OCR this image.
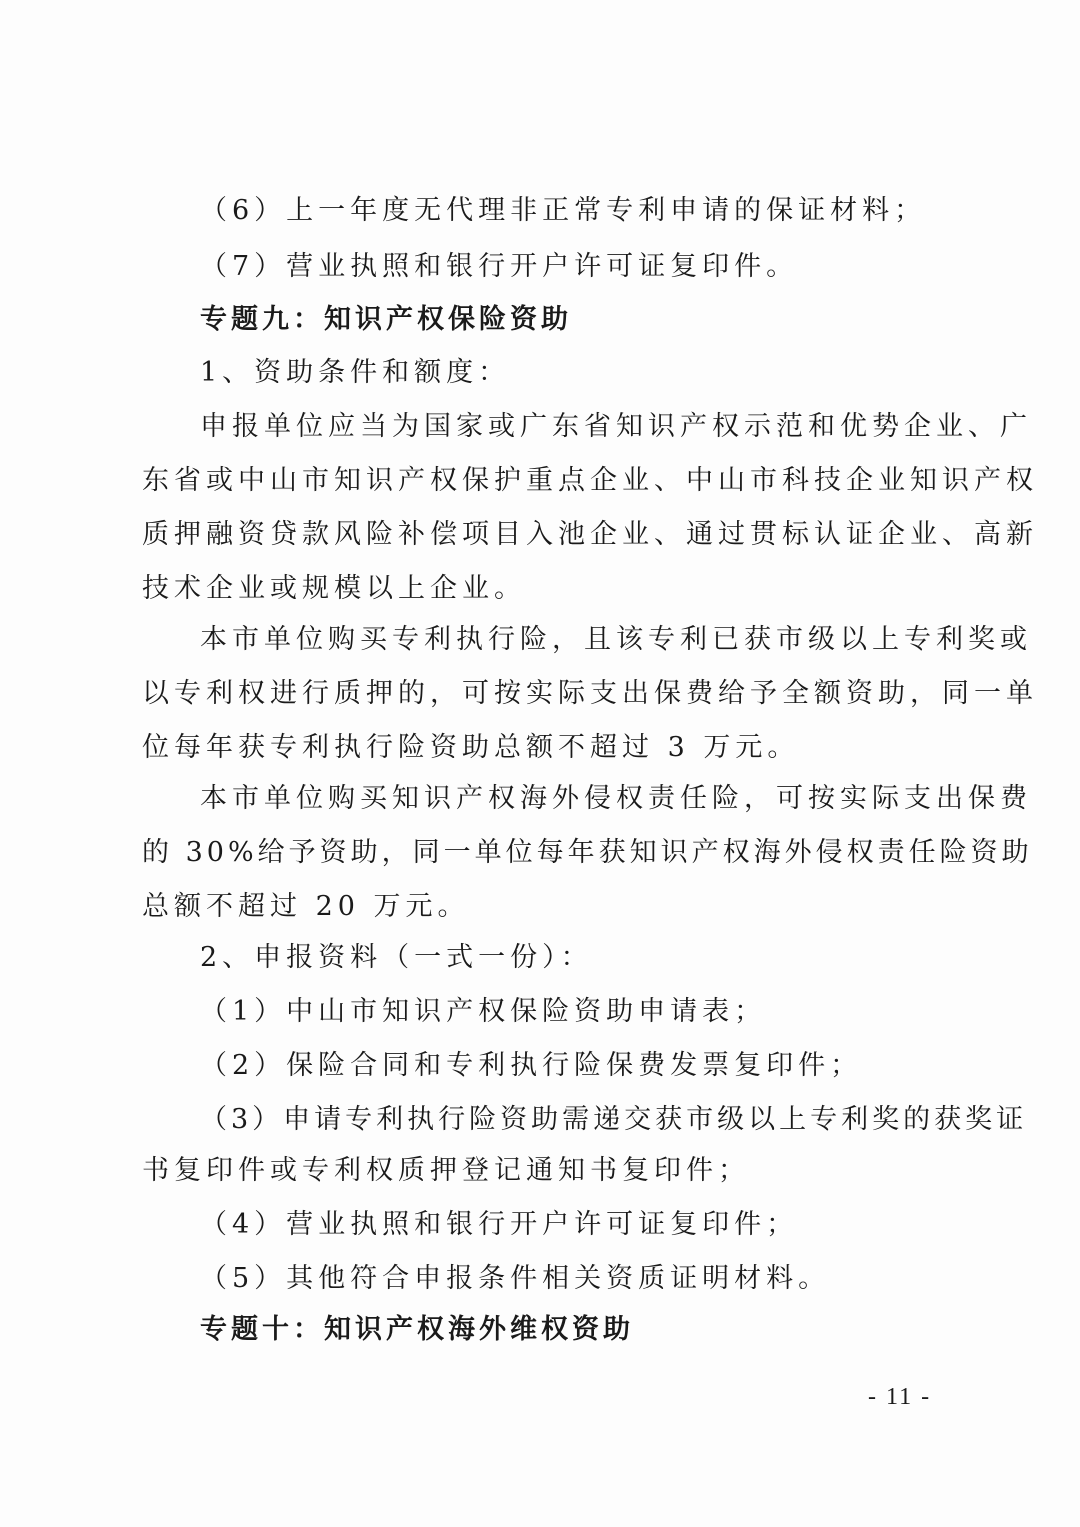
（6）上一年度无代理非正常专利申请的保证材料；
（7）营业执照和银行开户许可证复印件。
专题九：知识产权保险资助
1、资助条件和额度：
申报单位应当为国家或广东省知识产权示范和优势企业、广
东省或中山市知识产权保护重点企业、中山市科技企业知识产权
质押融资贷款风险补偿项目入池企业、通过贯标认证企业、高新
技术企业或规模以上企业。
本市单位购买专利执行险，且该专利已获市级以上专利奖或
以专利权进行质押的，可按实际支出保费给予全额资助，同一单
位每年获专利执行险资助总额不超过 3 万元。
本市单位购买知识产权海外侵权责任险，可按实际支出保费
的 30%给予资助，同一单位每年获知识产权海外侵权责任险资助
总额不超过 20 万元。
2、申报资料（一式一份）：
（1）中山市知识产权保险资助申请表；
（2）保险合同和专利执行险保费发票复印件；
（3）申请专利执行险资助需递交获市级以上专利奖的获奖证
书复印件或专利权质押登记通知书复印件；
（4）营业执照和银行开户许可证复印件；
（5）其他符合申报条件相关资质证明材料。
专题十：知识产权海外维权资助
- 11 -
